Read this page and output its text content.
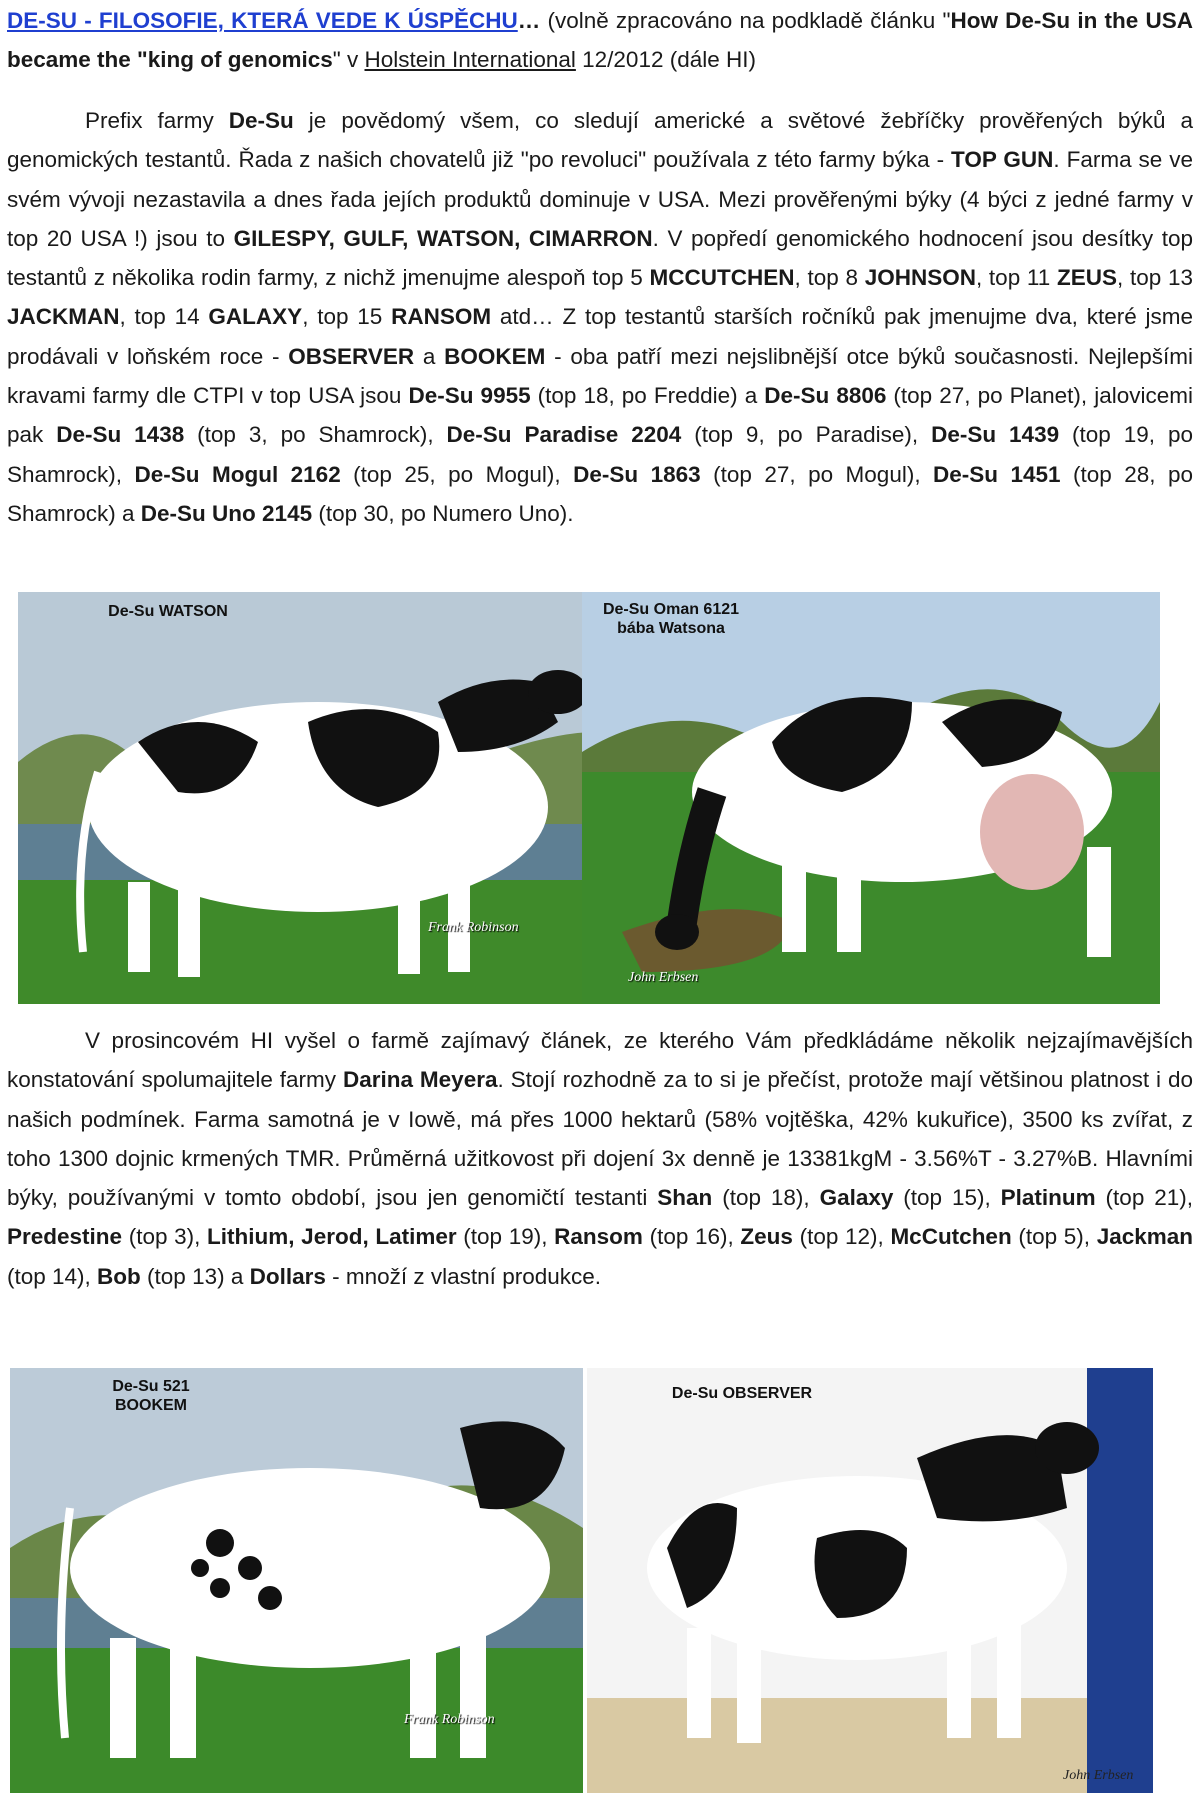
DE-SU - FILOSOFIE, KTERÁ VEDE K ÚSPĚCHU… (volně zpracováno na podkladě článku "How De-Su in the USA became the "king of genomics" v Holstein International 12/2012 (dále HI)

Prefix farmy De-Su je povědomý všem, co sledují americké a světové žebříčky prověřených býků a genomických testantů. Řada z našich chovatelů již "po revoluci" používala z této farmy býka - TOP GUN. Farma se ve svém vývoji nezastavila a dnes řada jejích produktů dominuje v USA. Mezi prověřenými býky (4 býci z jedné farmy v top 20 USA !) jsou to GILESPY, GULF, WATSON, CIMARRON. V popředí genomického hodnocení jsou desítky top testantů z několika rodin farmy, z nichž jmenujme alespoň top 5 MCCUTCHEN, top 8 JOHNSON, top 11 ZEUS, top 13 JACKMAN, top 14 GALAXY, top 15 RANSOM atd… Z top testantů starších ročníků pak jmenujme dva, které jsme prodávali v loňském roce - OBSERVER a BOOKEM - oba patří mezi nejslibnější otce býků současnosti. Nejlepšími kravami farmy dle CTPI v top USA jsou De-Su 9955 (top 18, po Freddie) a De-Su 8806 (top 27, po Planet), jalovicemi pak De-Su 1438 (top 3, po Shamrock), De-Su Paradise 2204 (top 9, po Paradise), De-Su 1439 (top 19, po Shamrock), De-Su Mogul 2162 (top 25, po Mogul), De-Su 1863 (top 27, po Mogul), De-Su 1451 (top 28, po Shamrock) a De-Su Uno 2145 (top 30, po Numero Uno).

De-Su WATSON
Frank Robinson
De-Su Oman 6121
bába Watsona
John Erbsen

V prosincovém HI vyšel o farmě zajímavý článek, ze kterého Vám předkládáme několik nejzajímavějších konstatování spolumajitele farmy Darina Meyera. Stojí rozhodně za to si je přečíst, protože mají většinou platnost i do našich podmínek. Farma samotná je v Iowě, má přes 1000 hektarů (58% vojtěška, 42% kukuřice), 3500 ks zvířat, z toho 1300 dojnic krmených TMR. Průměrná užitkovost při dojení 3x denně je 13381kgM - 3.56%T - 3.27%B. Hlavními býky, používanými v tomto období, jsou jen genomičtí testanti Shan (top 18), Galaxy (top 15), Platinum (top 21), Predestine (top 3), Lithium, Jerod, Latimer (top 19), Ransom (top 16), Zeus (top 12), McCutchen (top 5), Jackman (top 14), Bob (top 13) a Dollars - množí z vlastní produkce.

De-Su 521 BOOKEM
Frank Robinson
De-Su OBSERVER
John Erbsen
